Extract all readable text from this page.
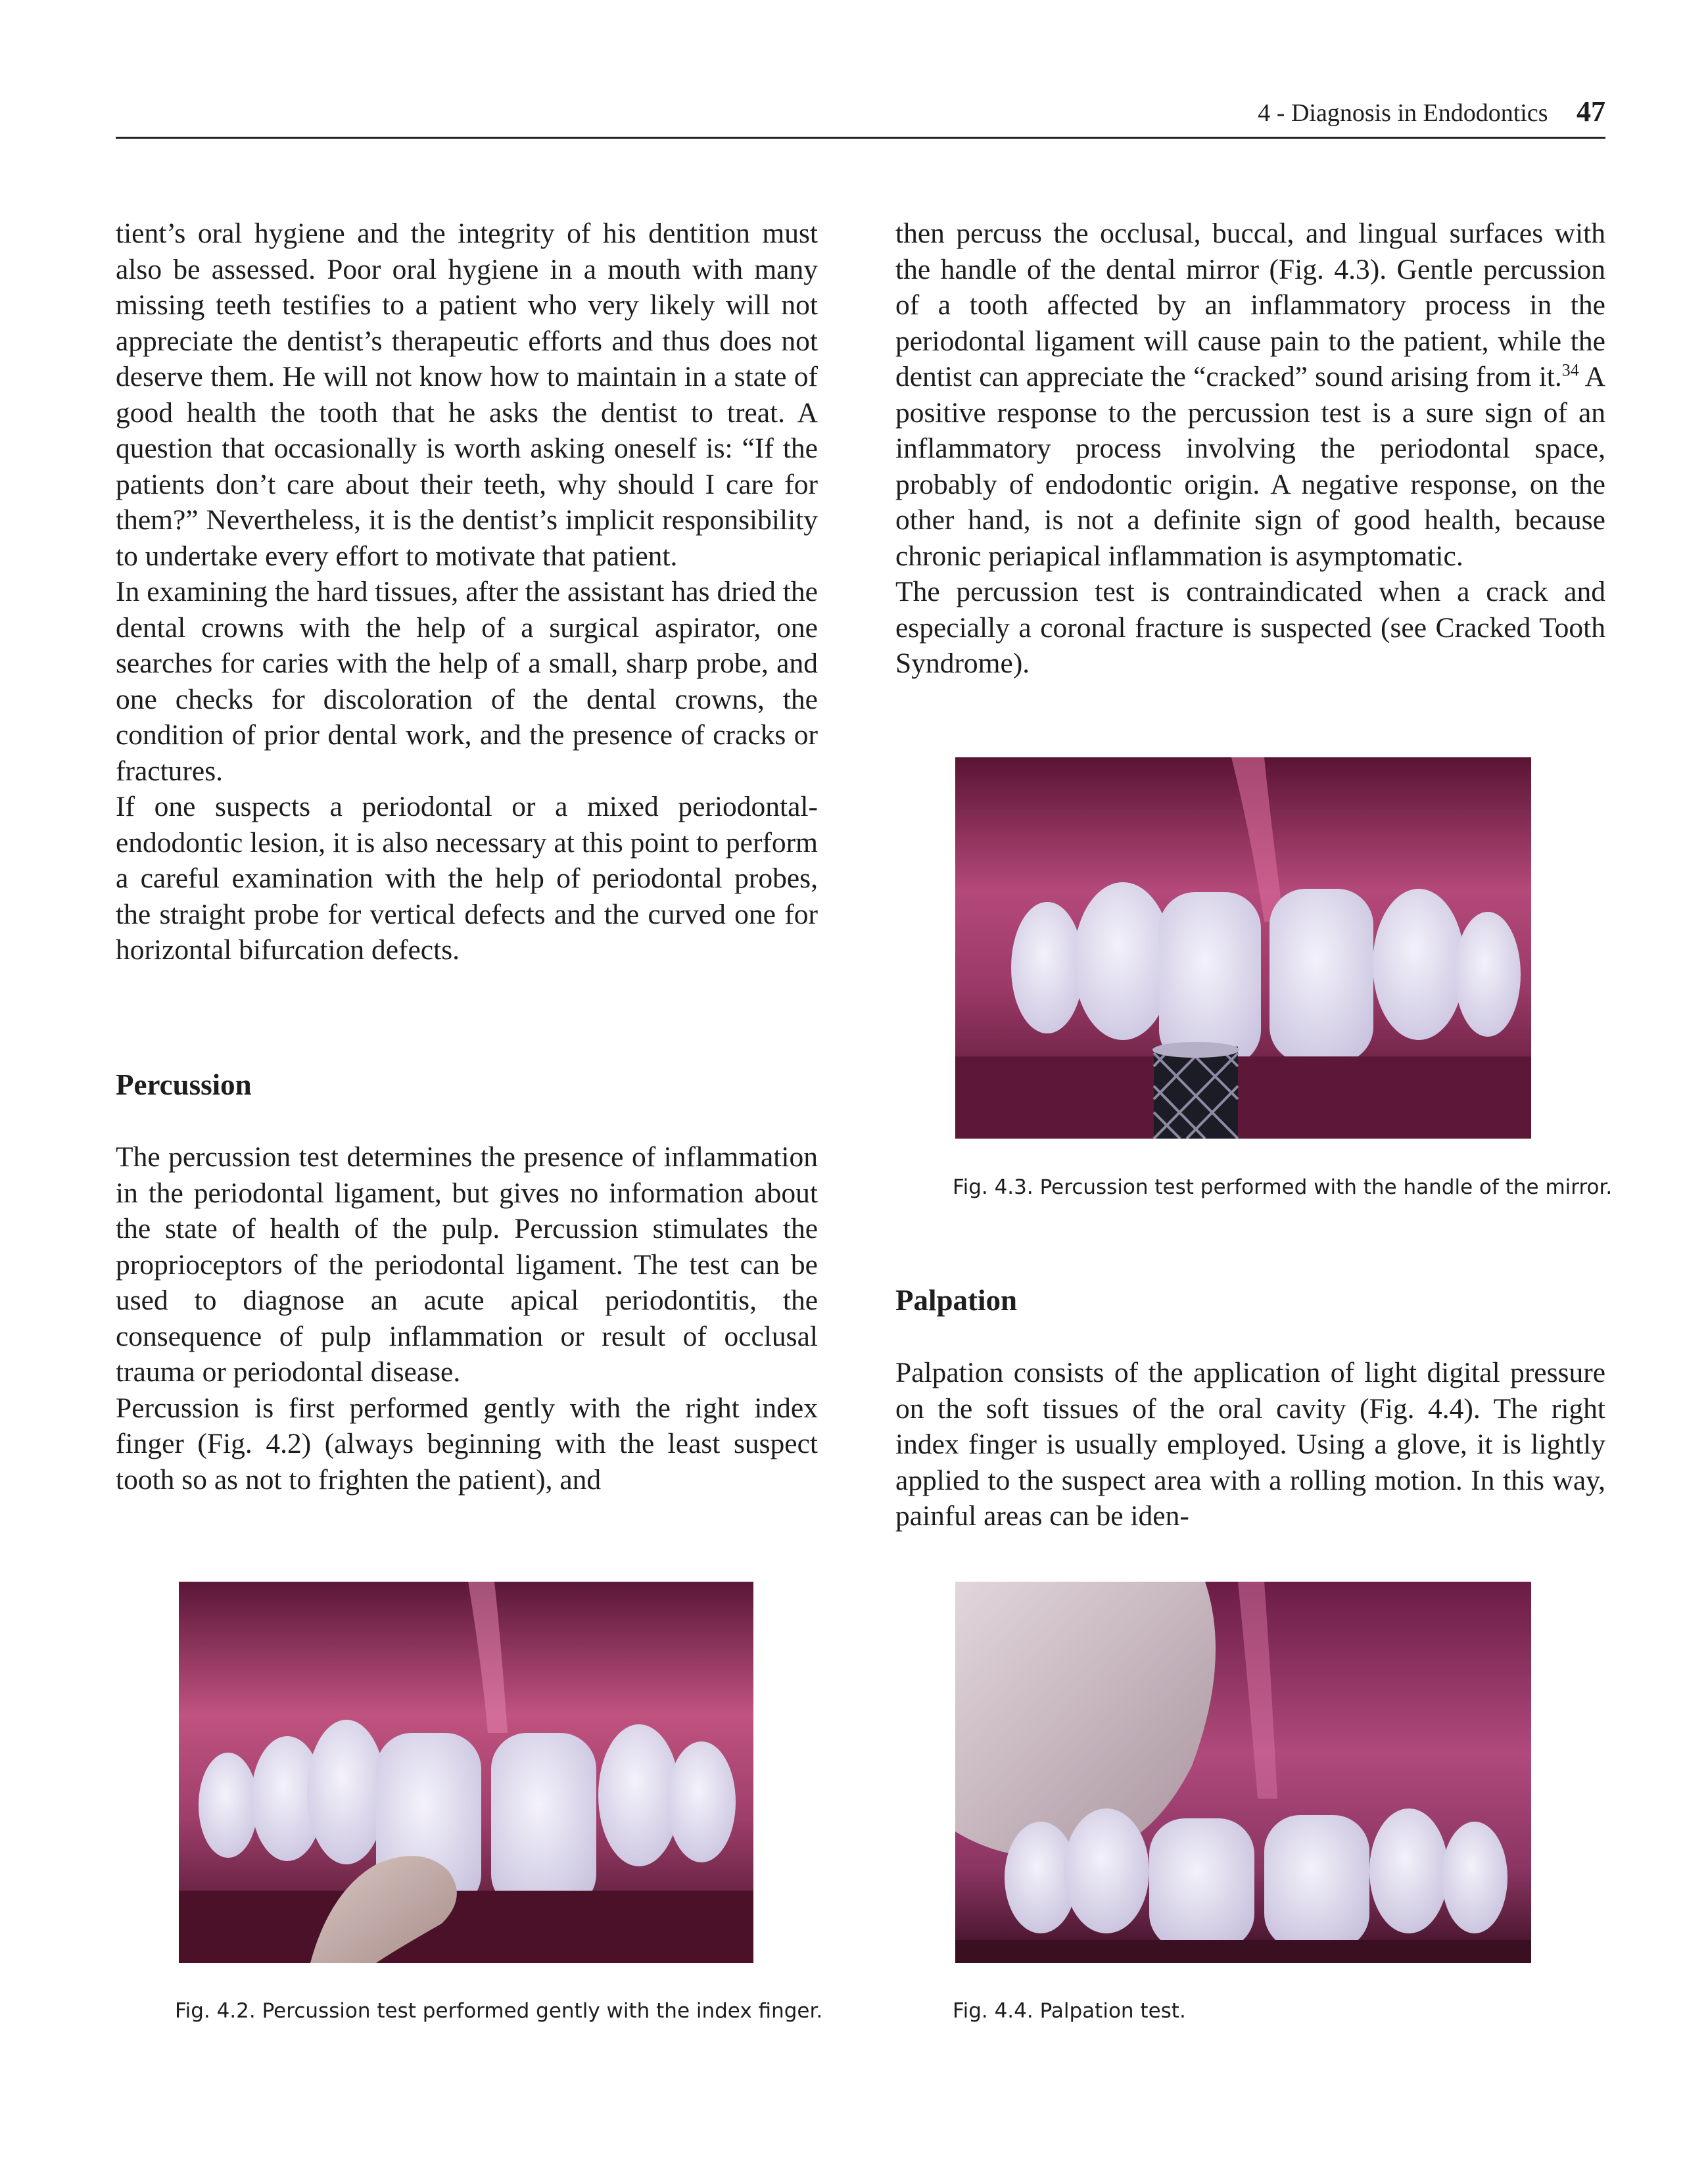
4 - Diagnosis in Endodontics 47

tient’s oral hygiene and the integrity of his dentition must also be assessed. Poor oral hygiene in a mouth with many missing teeth testifies to a patient who very likely will not appreciate the dentist’s therapeutic efforts and thus does not deserve them. He will not know how to maintain in a state of good health the tooth that he asks the dentist to treat. A question that occasionally is worth asking oneself is: “If the patients don’t care about their teeth, why should I care for them?” Nevertheless, it is the dentist’s implicit responsibility to undertake every effort to motivate that patient.

In examining the hard tissues, after the assistant has dried the dental crowns with the help of a surgical aspirator, one searches for caries with the help of a small, sharp probe, and one checks for discoloration of the dental crowns, the condition of prior dental work, and the presence of cracks or fractures.

If one suspects a periodontal or a mixed periodontal-endodontic lesion, it is also necessary at this point to perform a careful examination with the help of periodontal probes, the straight probe for vertical defects and the curved one for horizontal bifurcation defects.

Percussion

The percussion test determines the presence of inflammation in the periodontal ligament, but gives no information about the state of health of the pulp. Percussion stimulates the proprioceptors of the periodontal ligament. The test can be used to diagnose an acute apical periodontitis, the consequence of pulp inflammation or result of occlusal trauma or periodontal disease.

Percussion is first performed gently with the right index finger (Fig. 4.2) (always beginning with the least suspect tooth so as not to frighten the patient), and

then percuss the occlusal, buccal, and lingual surfaces with the handle of the dental mirror (Fig. 4.3). Gentle percussion of a tooth affected by an inflammatory process in the periodontal ligament will cause pain to the patient, while the dentist can appreciate the “cracked” sound arising from it.$^{34}$ A positive response to the percussion test is a sure sign of an inflammatory process involving the periodontal space, probably of endodontic origin. A negative response, on the other hand, is not a definite sign of good health, because chronic periapical inflammation is asymptomatic.

The percussion test is contraindicated when a crack and especially a coronal fracture is suspected (see Cracked Tooth Syndrome).

Palpation

Palpation consists of the application of light digital pressure on the soft tissues of the oral cavity (Fig. 4.4). The right index finger is usually employed. Using a glove, it is lightly applied to the suspect area with a rolling motion. In this way, painful areas can be iden-

Fig. 4.3. Percussion test performed with the handle of the mirror.
Fig. 4.2. Percussion test performed gently with the index finger.	Fig. 4.4. Palpation test.
